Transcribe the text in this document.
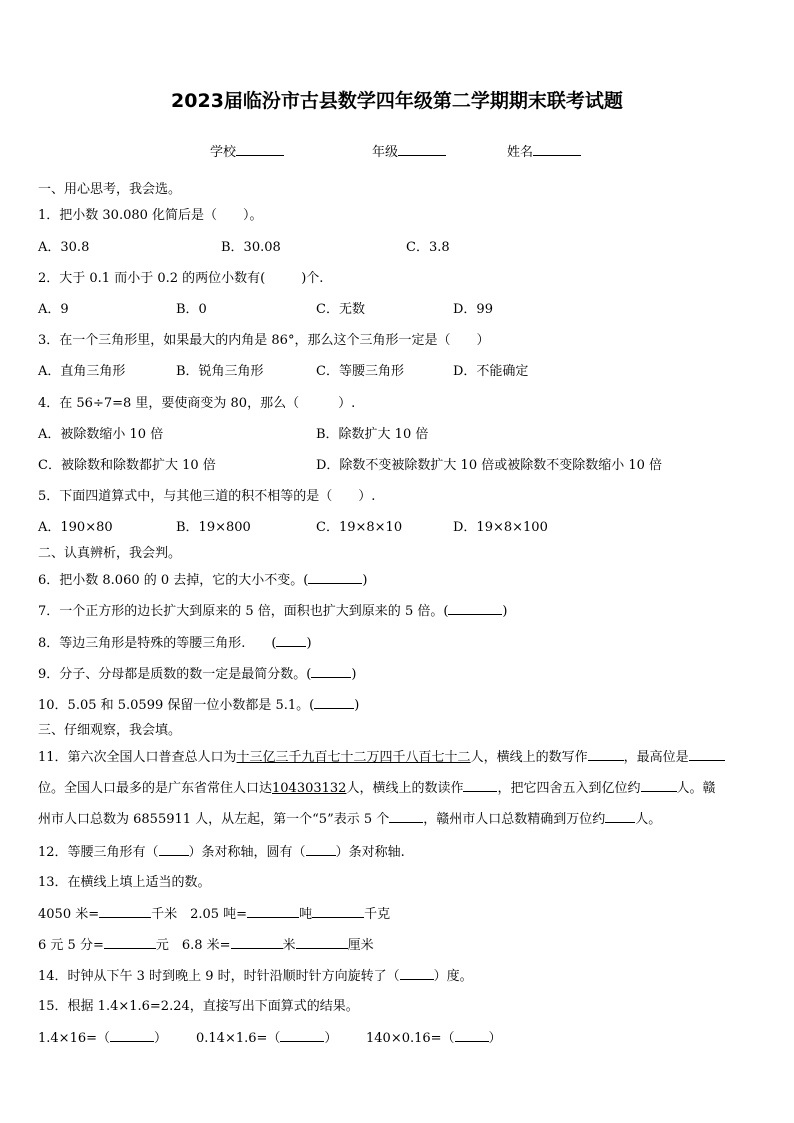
2023届临汾市古县数学四年级第二学期期末联考试题
学校	年级	姓名
一、用心思考，我会选。
1．把小数 30.080 化简后是（　　）。
A．30.8	B．30.08	C．3.8
2．大于 0.1 而小于 0.2 的两位小数有(	)个.
A．9	B．0	C．无数	D．99
3．在一个三角形里，如果最大的内角是 86°，那么这个三角形一定是（　　）
A．直角三角形	B．锐角三角形	C．等腰三角形	D．不能确定
4．在 56÷7=8 里，要使商变为 80，那么（　　　）.
A．被除数缩小 10 倍	B．除数扩大 10 倍
C．被除数和除数都扩大 10 倍	D．除数不变被除数扩大 10 倍或被除数不变除数缩小 10 倍
5．下面四道算式中，与其他三道的积不相等的是（　　）.
A．190×80	B．19×800	C．19×8×10	D．19×8×100
二、认真辨析，我会判。
6．把小数 8.060 的 0 去掉，它的大小不变。(	)
7．一个正方形的边长扩大到原来的 5 倍，面积也扩大到原来的 5 倍。(	)
8．等边三角形是特殊的等腰三角形.　　( )
9．分子、分母都是质数的数一定是最简分数。(	)
10．5.05 和 5.0599 保留一位小数都是 5.1。(	)
三、仔细观察，我会填。
11．第六次全国人口普查总人口为十三亿三千九百七十二万四千八百七十二人，横线上的数写作	，最高位是
位。全国人口最多的是广东省常住人口达104303132人，横线上的数读作	，把它四舍五入到亿位约	人。赣
州市人口总数为 6855911 人，从左起，第一个“5”表示 5 个	，赣州市人口总数精确到万位约 人。
12．等腰三角形有（ ）条对称轴，圆有（ ）条对称轴.
13．在横线上填上适当的数。
4050 米=	千米　2.05 吨=	吨	千克
6 元 5 分=	元　6.8 米=	米	厘米
14．时钟从下午 3 时到晚上 9 时，时针沿顺时针方向旋转了（	）度。
15．根据 1.4×1.6=2.24，直接写出下面算式的结果。
1.4×16=（	） 0.14×1.6=（	） 140×0.16=（	）
